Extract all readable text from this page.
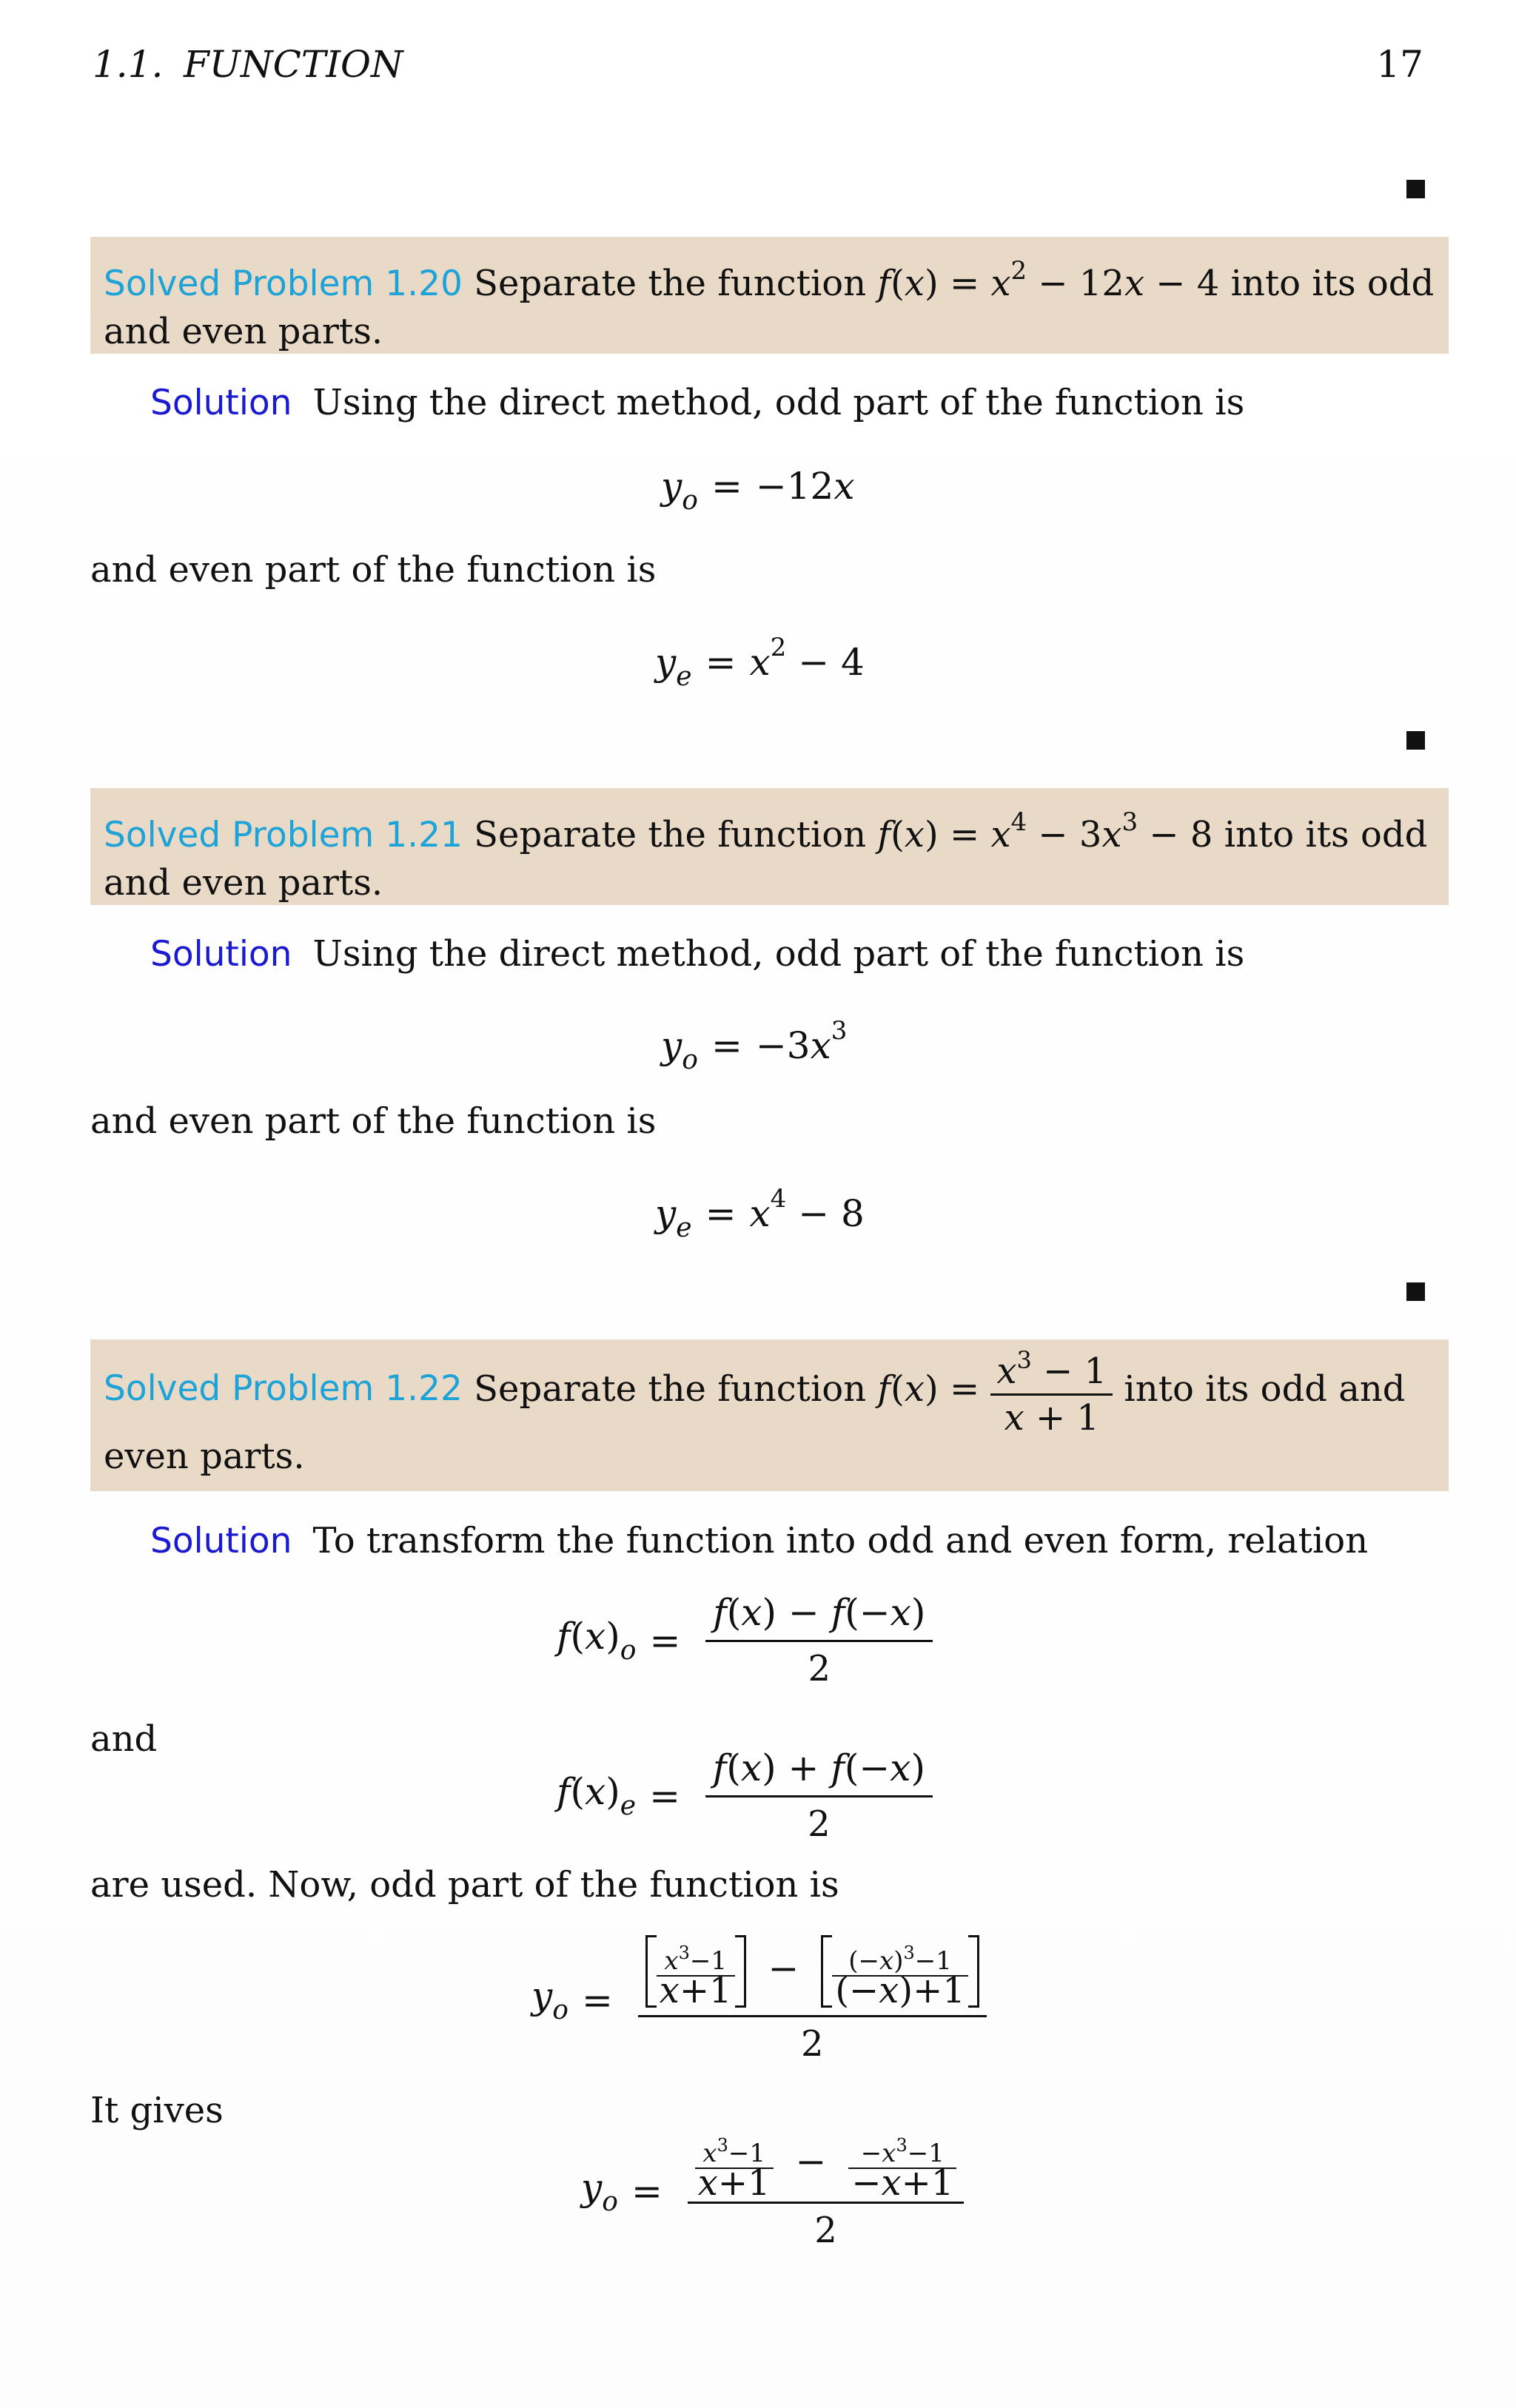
1.1. FUNCTION	17
Solved Problem 1.20 Separate the function $f(x) = x^2 - 12x - 4$ into its odd
and even parts.
Solution Using the direct method, odd part of the function is
$y_o = -12x$
and even part of the function is
$y_e = x^2 - 4$
Solved Problem 1.21 Separate the function $f(x) = x^4 - 3x^3 - 8$ into its odd
and even parts.
Solution Using the direct method, odd part of the function is
$y_o = -3x^3$
and even part of the function is
$y_e = x^4 - 8$
Solved Problem 1.22
Separate the function
$f(x) = \frac{x^3 - 1}{x + 1}$
into its odd and
even parts.
Solution To transform the function into odd and even form, relation
$f(x)_o = \frac{f(x) - f(-x)}{2}$
and
$f(x)_e = \frac{f(x) + f(-x)}{2}$
are used. Now, odd part of the function is
$y_o = \frac{\frac{x^3-1}{x+1} - \frac{(-x)^3-1}{(-x)+1}}{2}$
It gives
$y_o = \frac{\frac{x^3-1}{x+1} - \frac{-x^3-1}{-x+1}}{2}$
